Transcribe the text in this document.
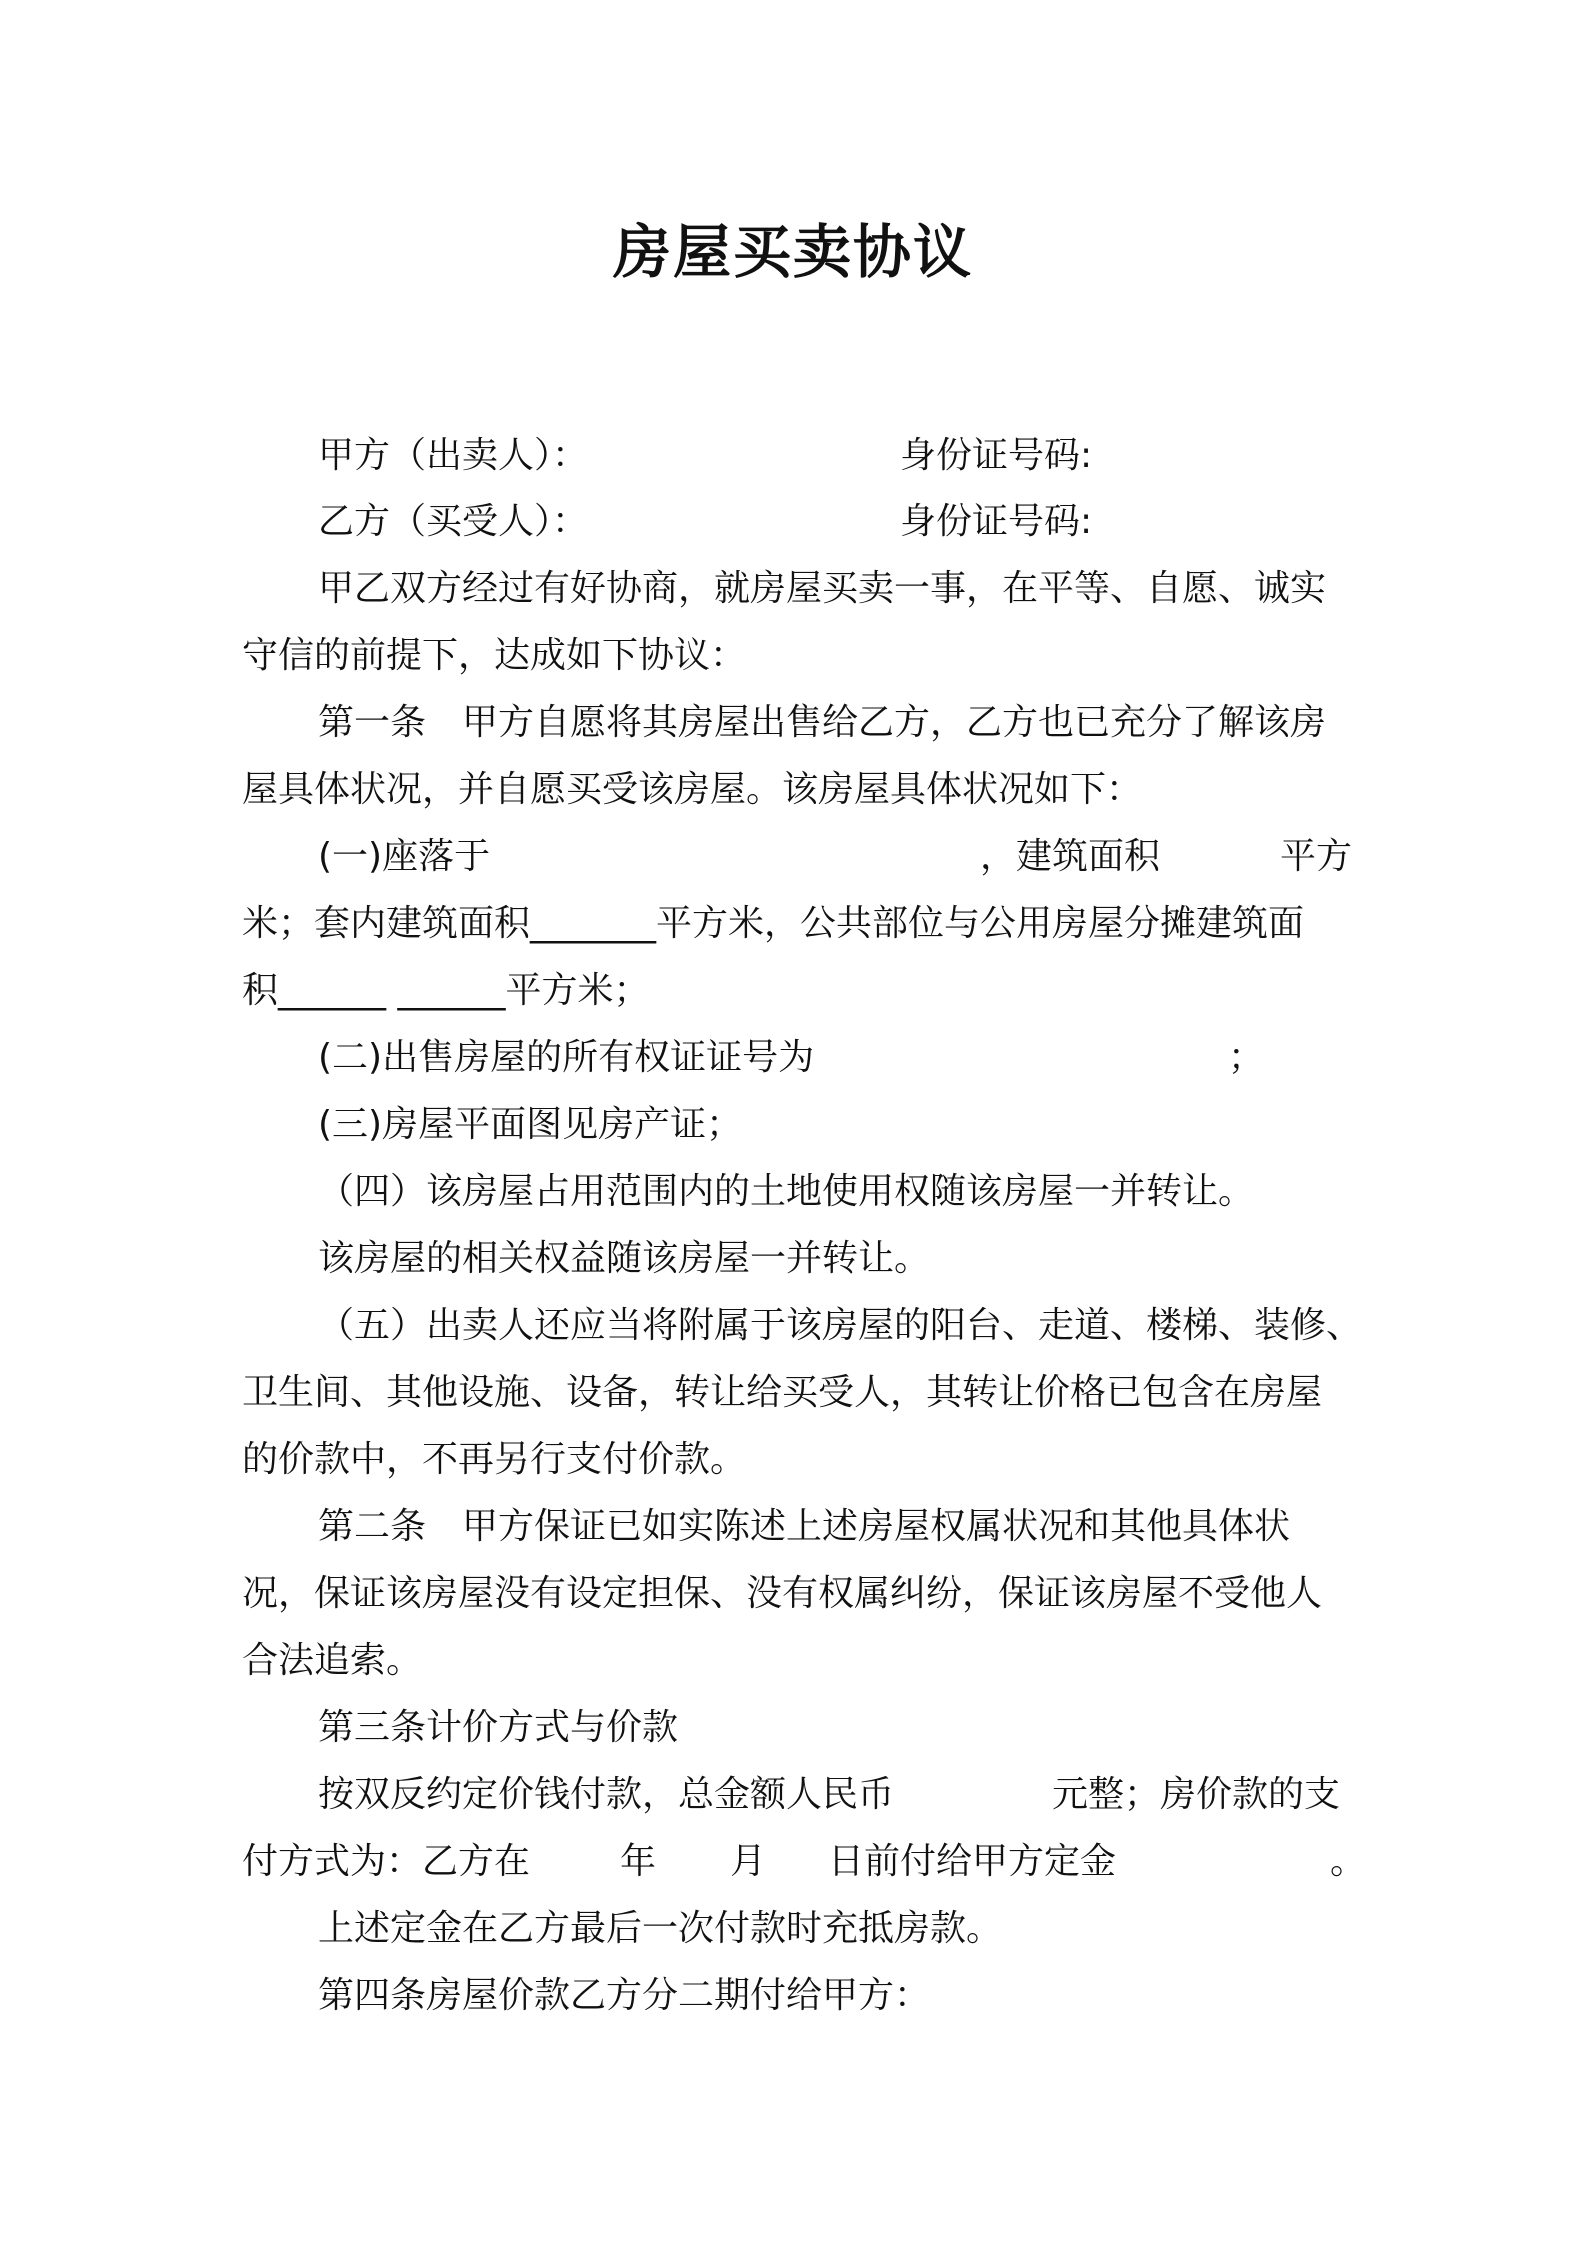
房屋买卖协议
甲方（出卖人）：	身份证号码:
乙方（买受人）：	身份证号码:
甲乙双方经过有好协商，就房屋买卖一事，在平等、自愿、诚实
守信的前提下，达成如下协议：
第一条　甲方自愿将其房屋出售给乙方，乙方也已充分了解该房
屋具体状况，并自愿买受该房屋。该房屋具体状况如下：
(一)座落于	，建筑面积	平方
米；套内建筑面积_______平方米，公共部位与公用房屋分摊建筑面
积______ ______平方米；
(二)出售房屋的所有权证证号为	；
(三)房屋平面图见房产证；
（四）该房屋占用范围内的土地使用权随该房屋一并转让。
该房屋的相关权益随该房屋一并转让。
（五）出卖人还应当将附属于该房屋的阳台、走道、楼梯、装修、
卫生间、其他设施、设备，转让给买受人，其转让价格已包含在房屋
的价款中，不再另行支付价款。
第二条　甲方保证已如实陈述上述房屋权属状况和其他具体状
况，保证该房屋没有设定担保、没有权属纠纷，保证该房屋不受他人
合法追索。
第三条计价方式与价款
按双反约定价钱付款，总金额人民币	元整；房价款的支
付方式为：乙方在 年 月 日前付给甲方定金	。
上述定金在乙方最后一次付款时充抵房款。
第四条房屋价款乙方分二期付给甲方：
